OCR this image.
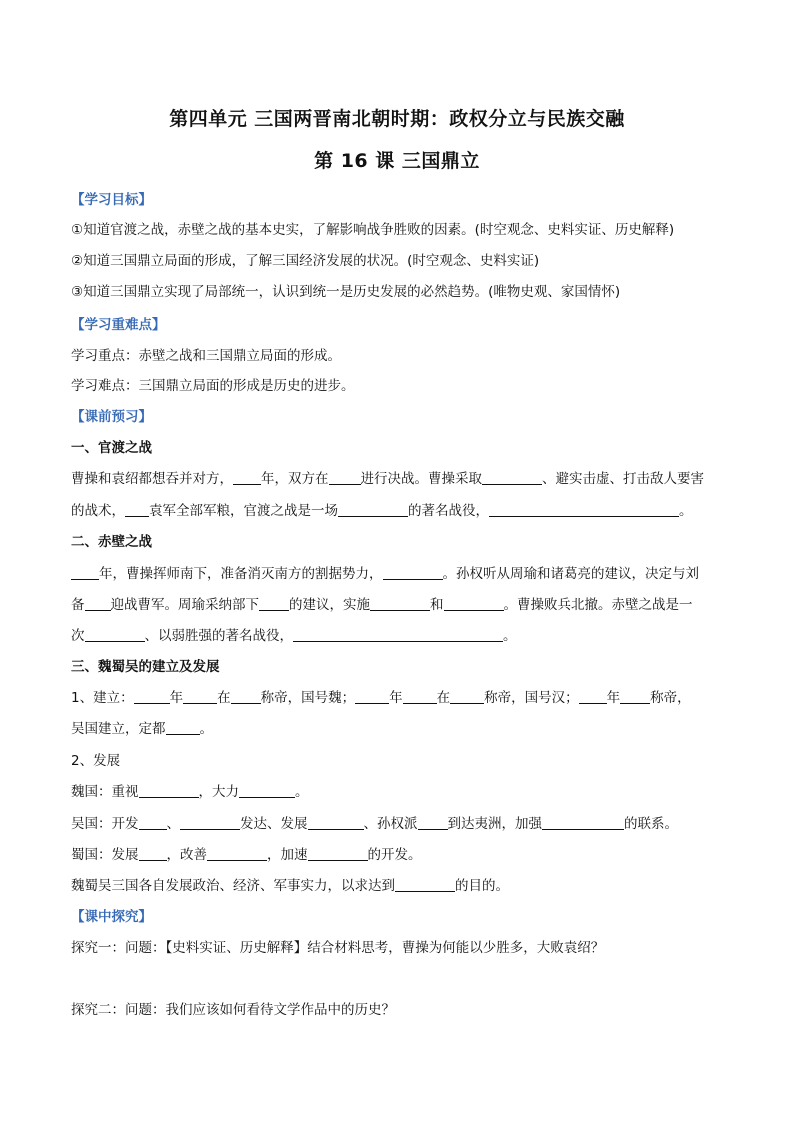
第四单元 三国两晋南北朝时期：政权分立与民族交融
第 16 课 三国鼎立
【学习目标】
①知道官渡之战，赤壁之战的基本史实，了解影响战争胜败的因素。(时空观念、史料实证、历史解释)
②知道三国鼎立局面的形成，了解三国经济发展的状况。(时空观念、史料实证)
③知道三国鼎立实现了局部统一，认识到统一是历史发展的必然趋势。(唯物史观、家国情怀)
【学习重难点】
学习重点：赤壁之战和三国鼎立局面的形成。
学习难点：三国鼎立局面的形成是历史的进步。
【课前预习】
一、官渡之战
曹操和袁绍都想吞并对方， 年，双方在 进行决战。曹操采取	、避实击虚、打击敌人要害
的战术， 袁军全部军粮，官渡之战是一场	的著名战役，	。
二、赤壁之战
年，曹操挥师南下，准备消灭南方的割据势力，	。孙权听从周瑜和诸葛亮的建议，决定与刘
备 迎战曹军。周瑜采纳部下 的建议，实施	和	。曹操败兵北撤。赤壁之战是一
次	、以弱胜强的著名战役，	。
三、魏蜀吴的建立及发展
1、建立：	年	在 称帝，国号魏；	年	在	称帝，国号汉； 年 称帝，
吴国建立，定都	。
2、发展
魏国：重视	，大力	。
吴国：开发 、	发达、发展	、孙权派 到达夷洲，加强	的联系。
蜀国：发展 ，改善	，加速	的开发。
魏蜀吴三国各自发展政治、经济、军事实力，以求达到	的目的。
【课中探究】
探究一：问题：【史料实证、历史解释】结合材料思考，曹操为何能以少胜多，大败袁绍？
探究二：问题：我们应该如何看待文学作品中的历史？
